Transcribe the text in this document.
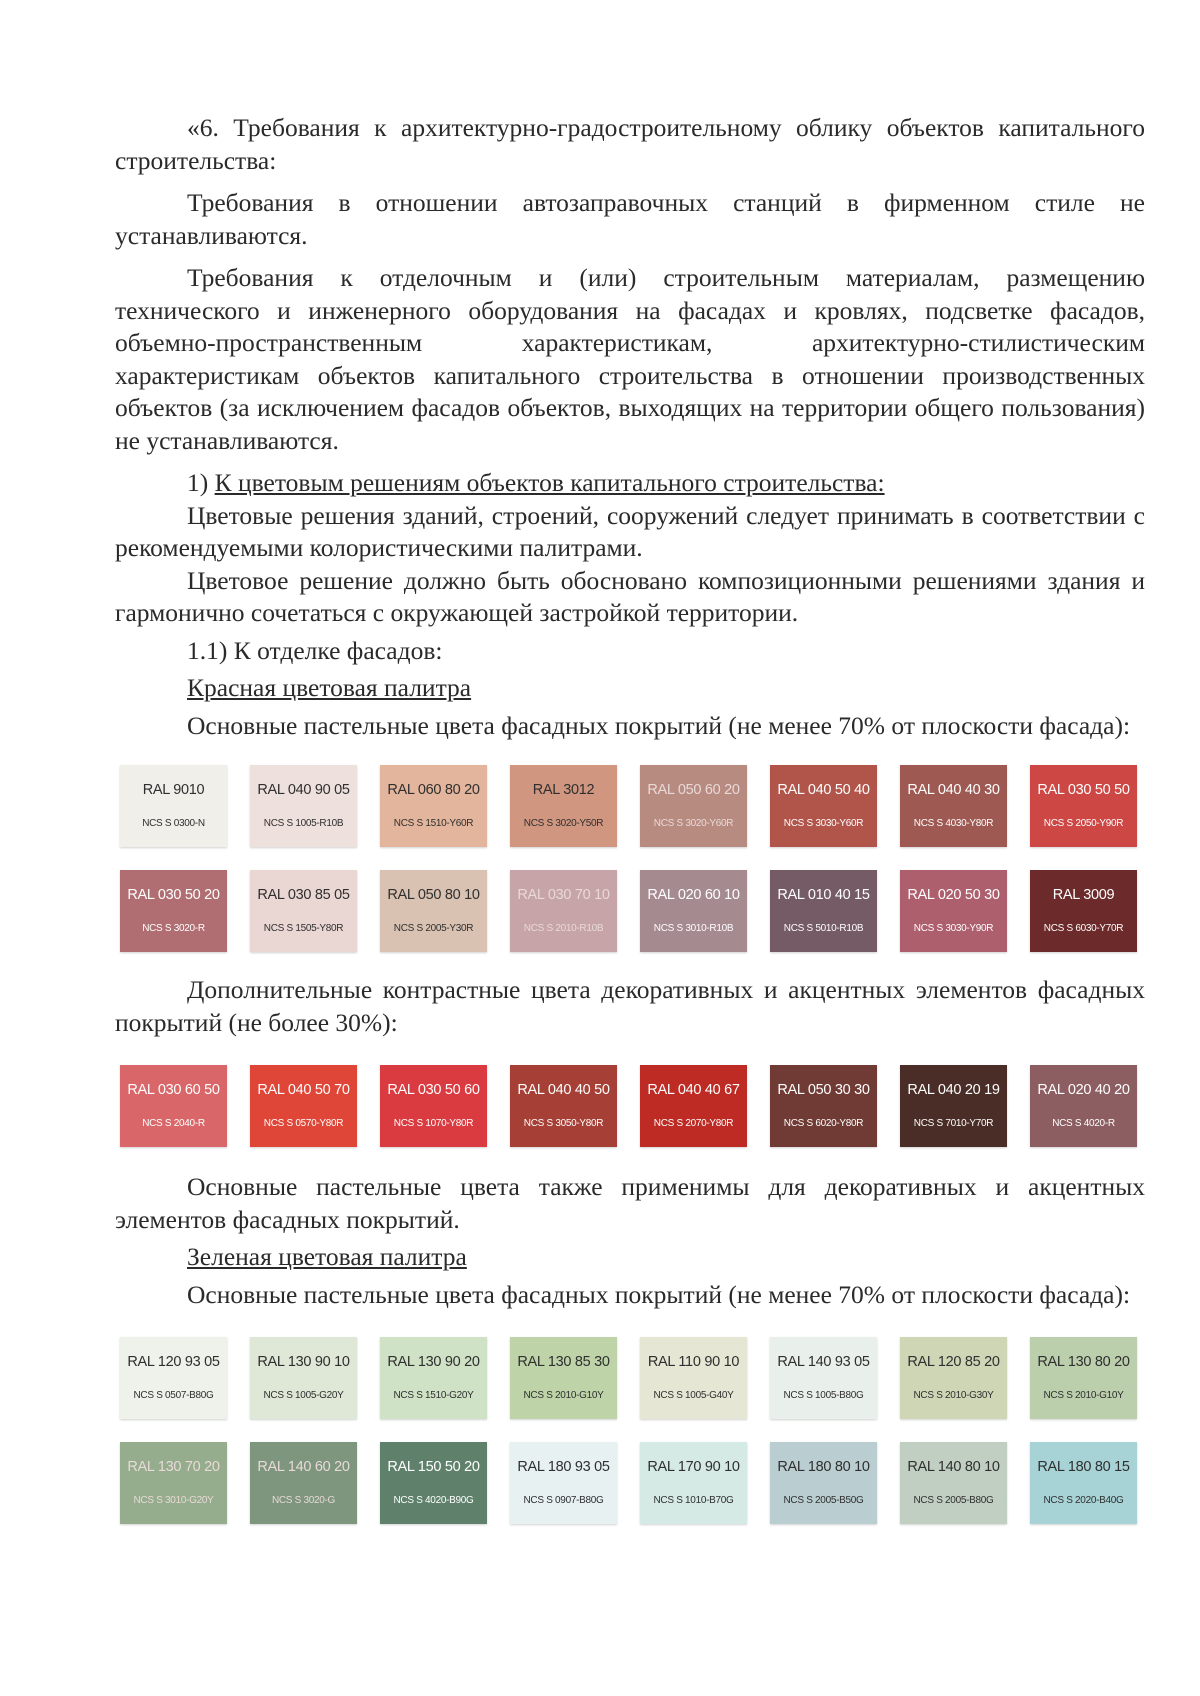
«6. Требования к архитектурно-градостроительному облику объектов капитального строительства:

Требования в отношении автозаправочных станций в фирменном стиле не устанавливаются.

Требования к отделочным и (или) строительным материалам, размещению технического и инженерного оборудования на фасадах и кровлях, подсветке фасадов, объемно-пространственным характеристикам, архитектурно-стилистическим характеристикам объектов капитального строительства в отношении производственных объектов (за исключением фасадов объектов, выходящих на территории общего пользования) не устанавливаются.

1) К цветовым решениям объектов капитального строительства:

Цветовые решения зданий, строений, сооружений следует принимать в соответствии с рекомендуемыми колористическими палитрами.

Цветовое решение должно быть обосновано композиционными решениями здания и гармонично сочетаться с окружающей застройкой территории.

1.1) К отделке фасадов:

Красная цветовая палитра

Основные пастельные цвета фасадных покрытий (не менее 70% от плоскости фасада):

RAL 9010
NCS S 0300-N
RAL 040 90 05
NCS S 1005-R10B
RAL 060 80 20
NCS S 1510-Y60R
RAL 3012
NCS S 3020-Y50R
RAL 050 60 20
NCS S 3020-Y60R
RAL 040 50 40
NCS S 3030-Y60R
RAL 040 40 30
NCS S 4030-Y80R
RAL 030 50 50
NCS S 2050-Y90R
RAL 030 50 20
NCS S 3020-R
RAL 030 85 05
NCS S 1505-Y80R
RAL 050 80 10
NCS S 2005-Y30R
RAL 030 70 10
NCS S 2010-R10B
RAL 020 60 10
NCS S 3010-R10B
RAL 010 40 15
NCS S 5010-R10B
RAL 020 50 30
NCS S 3030-Y90R
RAL 3009
NCS S 6030-Y70R

Дополнительные контрастные цвета декоративных и акцентных элементов фасадных покрытий (не более 30%):

RAL 030 60 50
NCS S 2040-R
RAL 040 50 70
NCS S 0570-Y80R
RAL 030 50 60
NCS S 1070-Y80R
RAL 040 40 50
NCS S 3050-Y80R
RAL 040 40 67
NCS S 2070-Y80R
RAL 050 30 30
NCS S 6020-Y80R
RAL 040 20 19
NCS S 7010-Y70R
RAL 020 40 20
NCS S 4020-R

Основные пастельные цвета также применимы для декоративных и акцентных элементов фасадных покрытий.

Зеленая цветовая палитра

Основные пастельные цвета фасадных покрытий (не менее 70% от плоскости фасада):

RAL 120 93 05
NCS S 0507-B80G
RAL 130 90 10
NCS S 1005-G20Y
RAL 130 90 20
NCS S 1510-G20Y
RAL 130 85 30
NCS S 2010-G10Y
RAL 110 90 10
NCS S 1005-G40Y
RAL 140 93 05
NCS S 1005-B80G
RAL 120 85 20
NCS S 2010-G30Y
RAL 130 80 20
NCS S 2010-G10Y
RAL 130 70 20
NCS S 3010-G20Y
RAL 140 60 20
NCS S 3020-G
RAL 150 50 20
NCS S 4020-B90G
RAL 180 93 05
NCS S 0907-B80G
RAL 170 90 10
NCS S 1010-B70G
RAL 180 80 10
NCS S 2005-B50G
RAL 140 80 10
NCS S 2005-B80G
RAL 180 80 15
NCS S 2020-B40G
